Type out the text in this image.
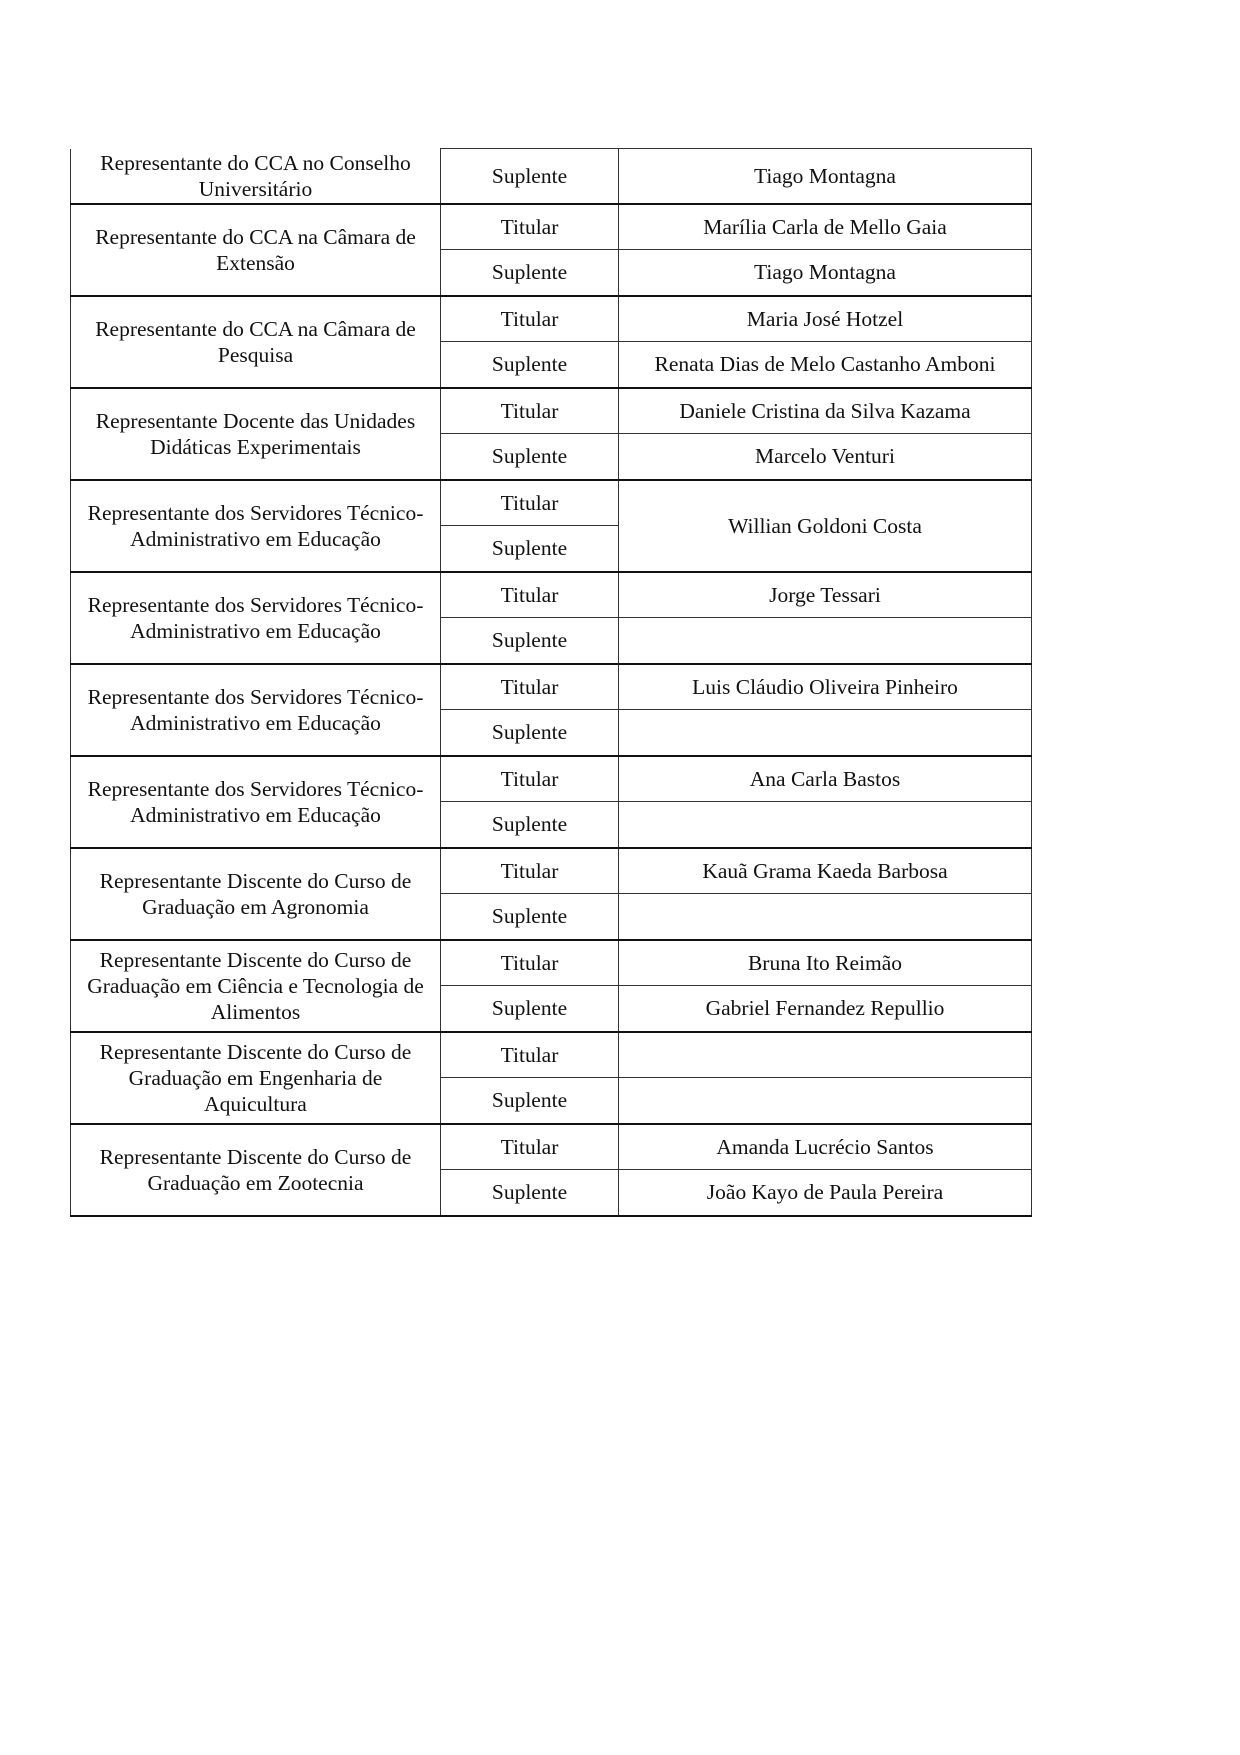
Representante do CCA no Conselho Universitário	Suplente	Tiago Montagna
Representante do CCA na Câmara de Extensão	Titular	Marília Carla de Mello Gaia
	Suplente	Tiago Montagna
Representante do CCA na Câmara de Pesquisa	Titular	Maria José Hotzel
	Suplente	Renata Dias de Melo Castanho Amboni
Representante Docente das Unidades Didáticas Experimentais	Titular	Daniele Cristina da Silva Kazama
	Suplente	Marcelo Venturi
Representante dos Servidores Técnico-Administrativo em Educação	Titular	Willian Goldoni Costa
	Suplente	
Representante dos Servidores Técnico-Administrativo em Educação	Titular	Jorge Tessari
	Suplente	
Representante dos Servidores Técnico-Administrativo em Educação	Titular	Luis Cláudio Oliveira Pinheiro
	Suplente	
Representante dos Servidores Técnico-Administrativo em Educação	Titular	Ana Carla Bastos
	Suplente	
Representante Discente do Curso de Graduação em Agronomia	Titular	Kauã Grama Kaeda Barbosa
	Suplente	
Representante Discente do Curso de Graduação em Ciência e Tecnologia de Alimentos	Titular	Bruna Ito Reimão
	Suplente	Gabriel Fernandez Repullio
Representante Discente do Curso de Graduação em Engenharia de Aquicultura	Titular	
	Suplente	
Representante Discente do Curso de Graduação em Zootecnia	Titular	Amanda Lucrécio Santos
	Suplente	João Kayo de Paula Pereira
